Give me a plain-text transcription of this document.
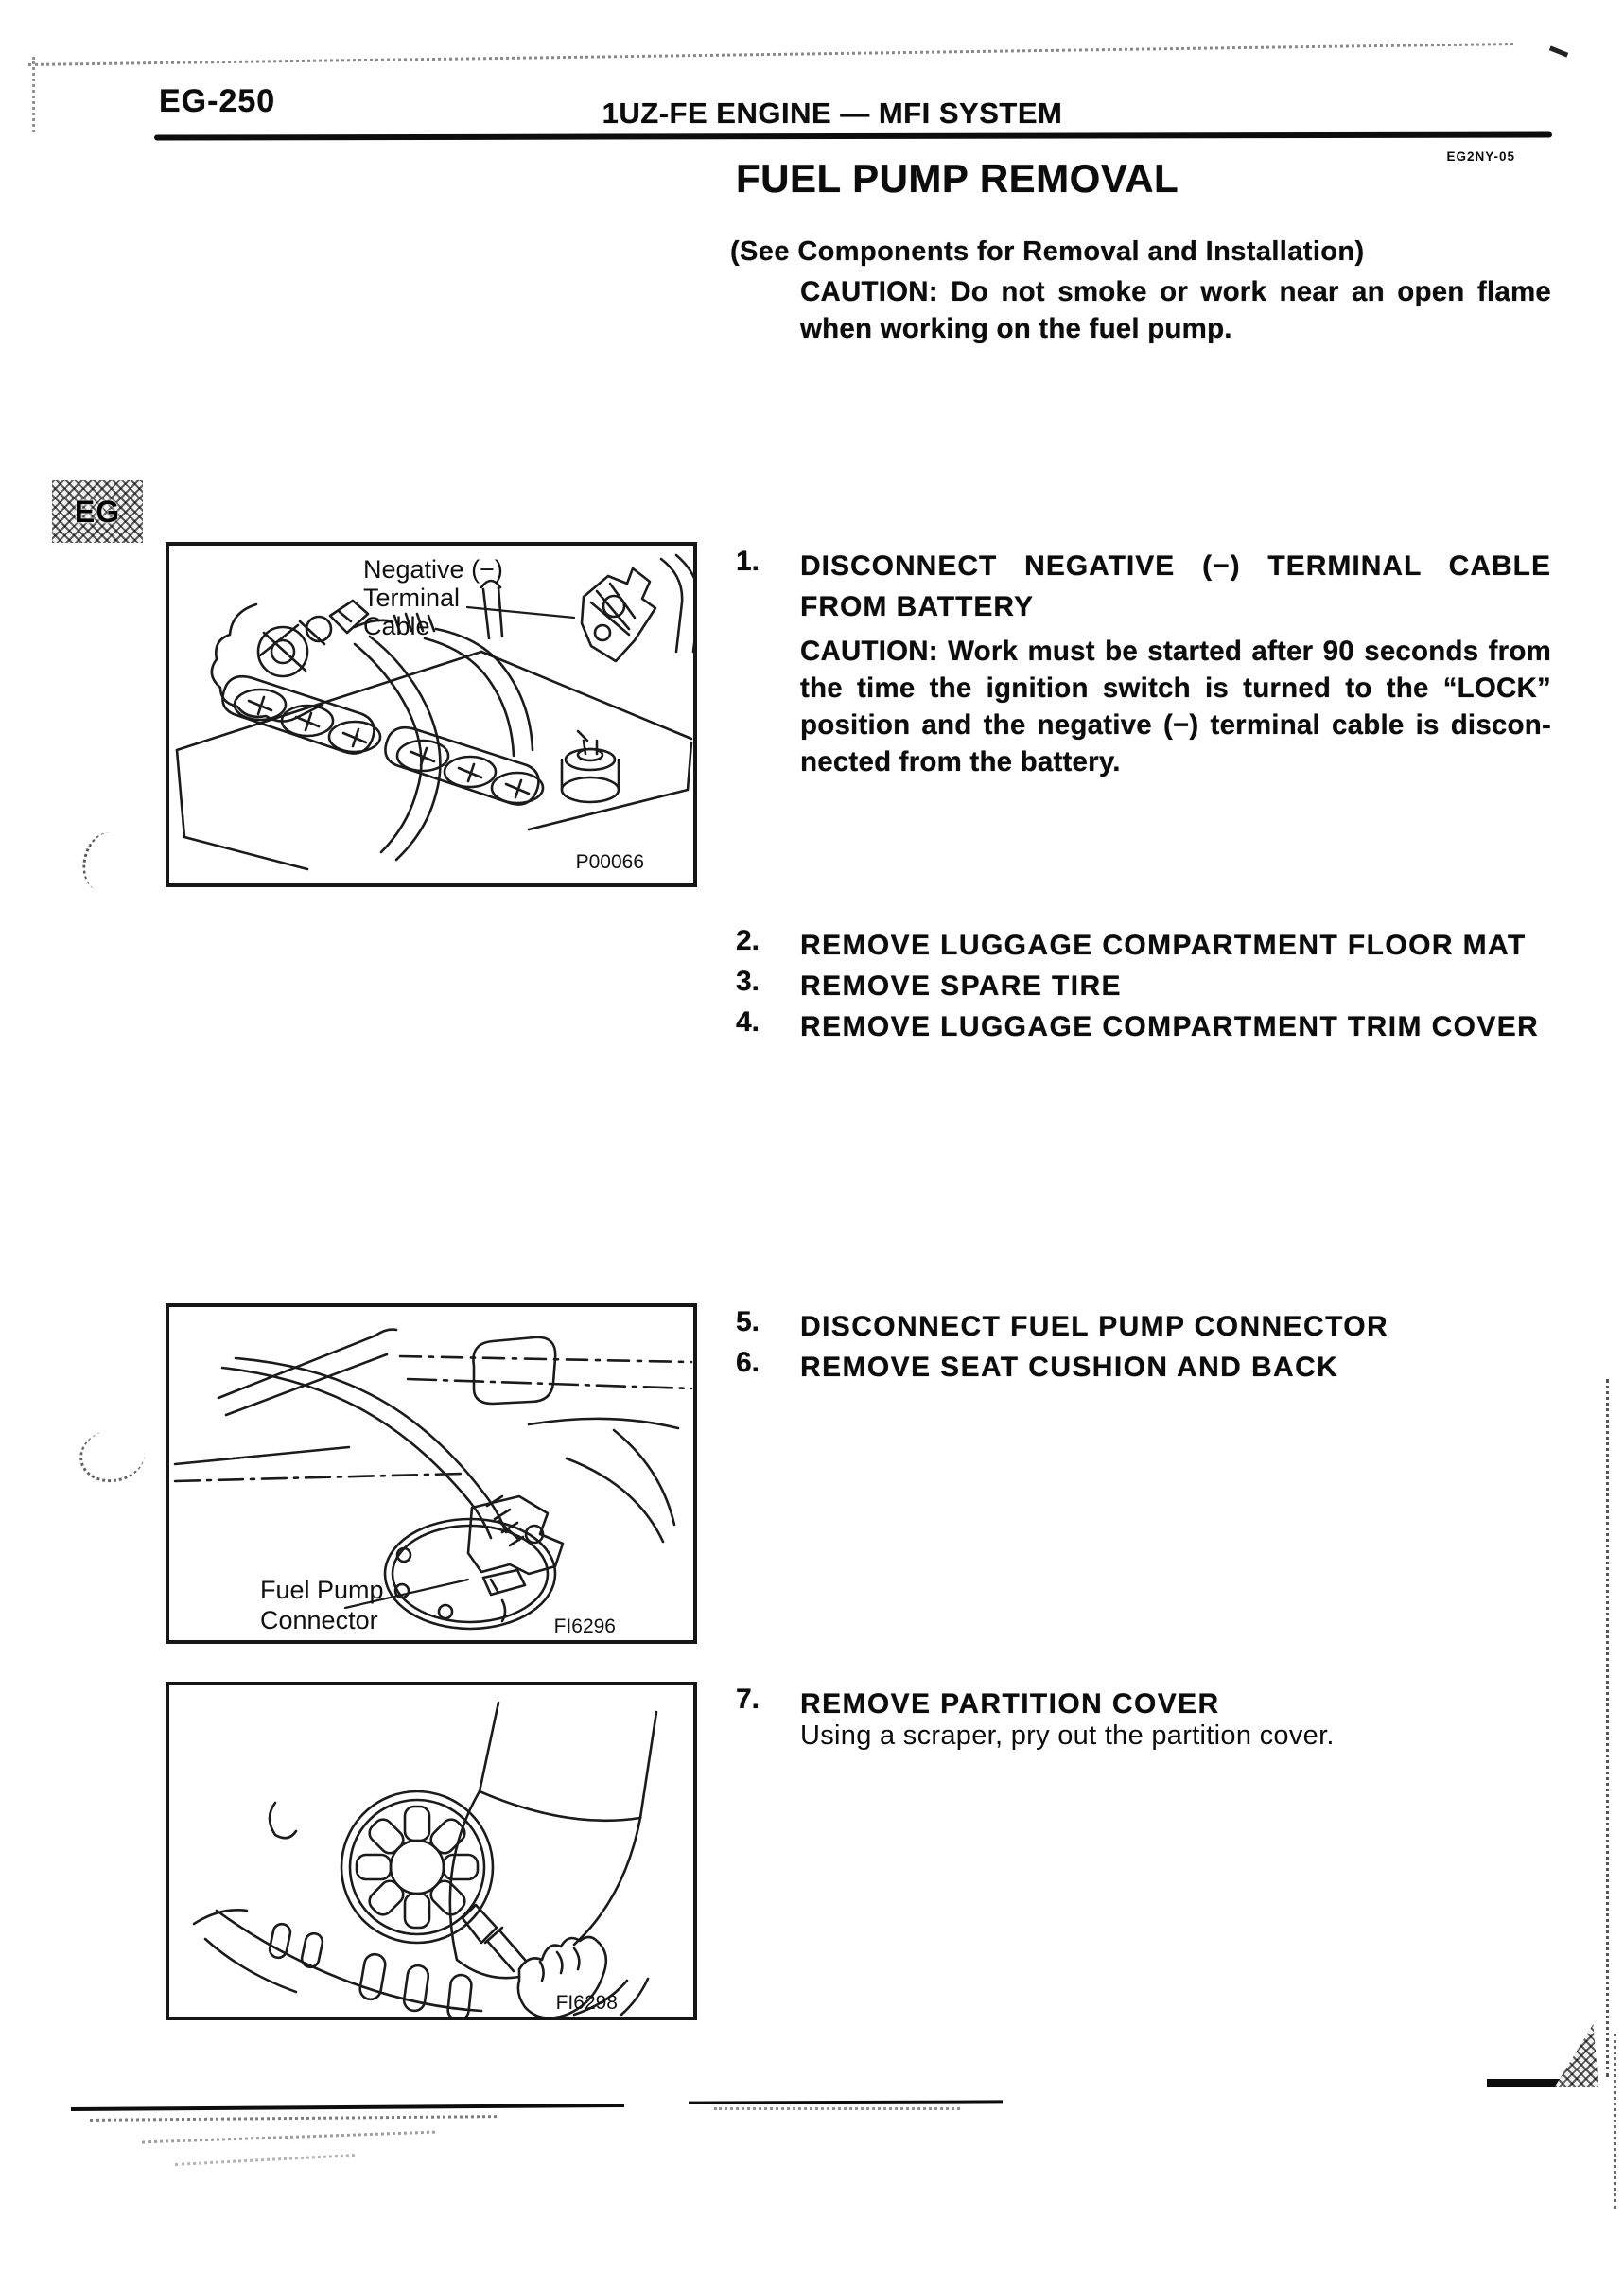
EG-250	1UZ-FE ENGINE — MFI SYSTEM
EG2NY-05
FUEL PUMP REMOVAL
(See Components for Removal and Installation)
CAUTION: Do not smoke or work near an open flame
when working on the fuel pump.
EG
Negative (−)
Terminal
Cable
P00066
1. DISCONNECT NEGATIVE (−) TERMINAL CABLE
FROM BATTERY
CAUTION: Work must be started after 90 seconds from
the time the ignition switch is turned to the “LOCK”
position and the negative (−) terminal cable is discon-
nected from the battery.
2. REMOVE LUGGAGE COMPARTMENT FLOOR MAT
3. REMOVE SPARE TIRE
4. REMOVE LUGGAGE COMPARTMENT TRIM COVER
Fuel Pump
Connector	FI6296
5. DISCONNECT FUEL PUMP CONNECTOR
6. REMOVE SEAT CUSHION AND BACK
FI6298
7. REMOVE PARTITION COVER
Using a scraper, pry out the partition cover.
